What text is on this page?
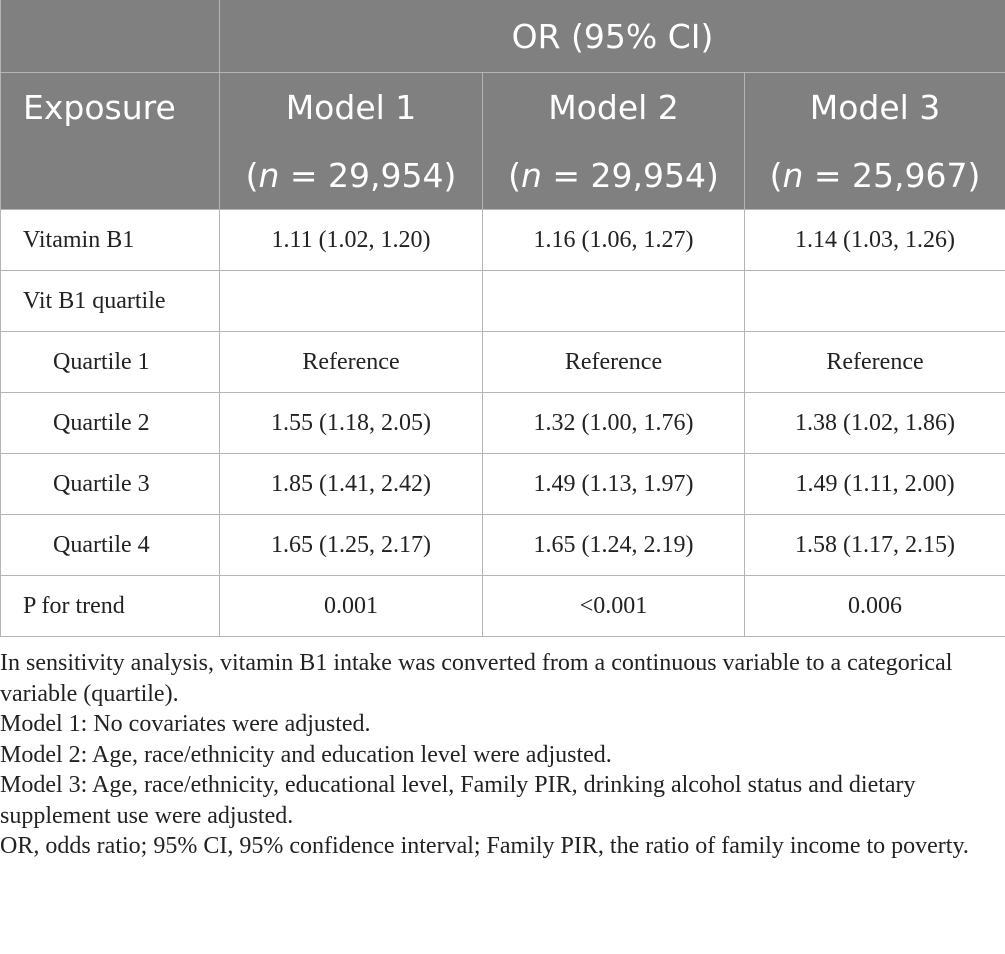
	OR (95% CI)		
Exposure	Model 1	Model 2	Model 3
	(n = 29,954)	(n = 29,954)	(n = 25,967)
Vitamin B1	1.11 (1.02, 1.20)	1.16 (1.06, 1.27)	1.14 (1.03, 1.26)
Vit B1 quartile			
Quartile 1	Reference	Reference	Reference
Quartile 2	1.55 (1.18, 2.05)	1.32 (1.00, 1.76)	1.38 (1.02, 1.86)
Quartile 3	1.85 (1.41, 2.42)	1.49 (1.13, 1.97)	1.49 (1.11, 2.00)
Quartile 4	1.65 (1.25, 2.17)	1.65 (1.24, 2.19)	1.58 (1.17, 2.15)
P for trend	0.001	<0.001	0.006

In sensitivity analysis, vitamin B1 intake was converted from a continuous variable to a categorical variable (quartile).

Model 1: No covariates were adjusted.

Model 2: Age, race/ethnicity and education level were adjusted.

Model 3: Age, race/ethnicity, educational level, Family PIR, drinking alcohol status and dietary supplement use were adjusted.

OR, odds ratio; 95% CI, 95% confidence interval; Family PIR, the ratio of family income to poverty.
